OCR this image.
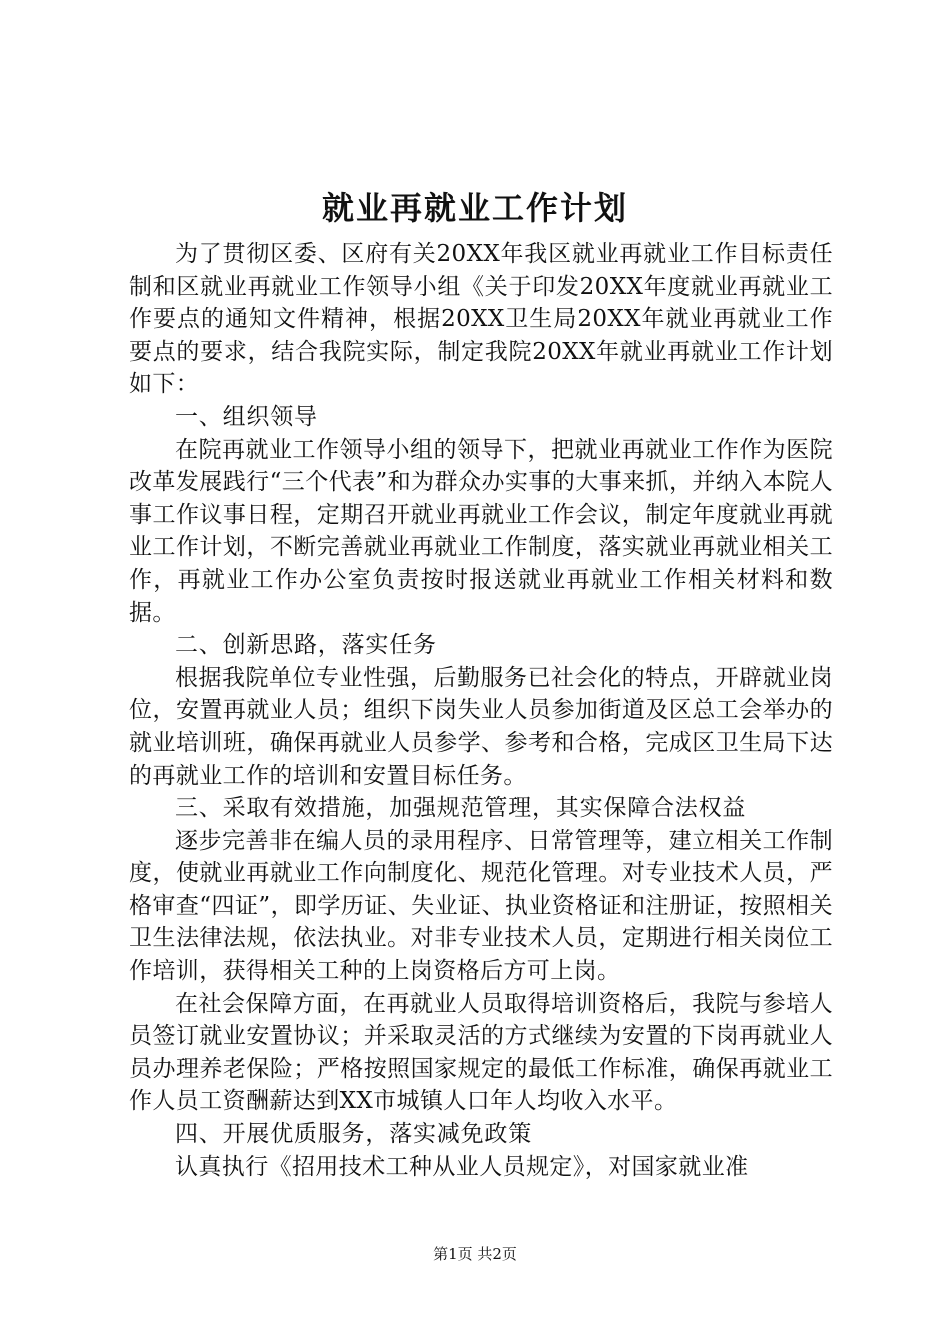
就业再就业工作计划

为了贯彻区委、区府有关20XX年我区就业再就业工作目标责任制和区就业再就业工作领导小组《关于印发20XX年度就业再就业工作要点的通知文件精神，根据20XX卫生局20XX年就业再就业工作要点的要求，结合我院实际，制定我院20XX年就业再就业工作计划如下：

一、组织领导

在院再就业工作领导小组的领导下，把就业再就业工作作为医院改革发展践行“三个代表”和为群众办实事的大事来抓，并纳入本院人事工作议事日程，定期召开就业再就业工作会议，制定年度就业再就业工作计划，不断完善就业再就业工作制度，落实就业再就业相关工作，再就业工作办公室负责按时报送就业再就业工作相关材料和数据。

二、创新思路，落实任务

根据我院单位专业性强，后勤服务已社会化的特点，开辟就业岗位，安置再就业人员；组织下岗失业人员参加街道及区总工会举办的就业培训班，确保再就业人员参学、参考和合格，完成区卫生局下达的再就业工作的培训和安置目标任务。

三、采取有效措施，加强规范管理，其实保障合法权益

逐步完善非在编人员的录用程序、日常管理等，建立相关工作制度，使就业再就业工作向制度化、规范化管理。对专业技术人员，严格审查“四证”，即学历证、失业证、执业资格证和注册证，按照相关卫生法律法规，依法执业。对非专业技术人员，定期进行相关岗位工作培训，获得相关工种的上岗资格后方可上岗。

在社会保障方面，在再就业人员取得培训资格后，我院与参培人员签订就业安置协议；并采取灵活的方式继续为安置的下岗再就业人员办理养老保险；严格按照国家规定的最低工作标准，确保再就业工作人员工资酬薪达到XX市城镇人口年人均收入水平。

四、开展优质服务，落实减免政策

认真执行《招用技术工种从业人员规定》，对国家就业准

第1页 共2页
